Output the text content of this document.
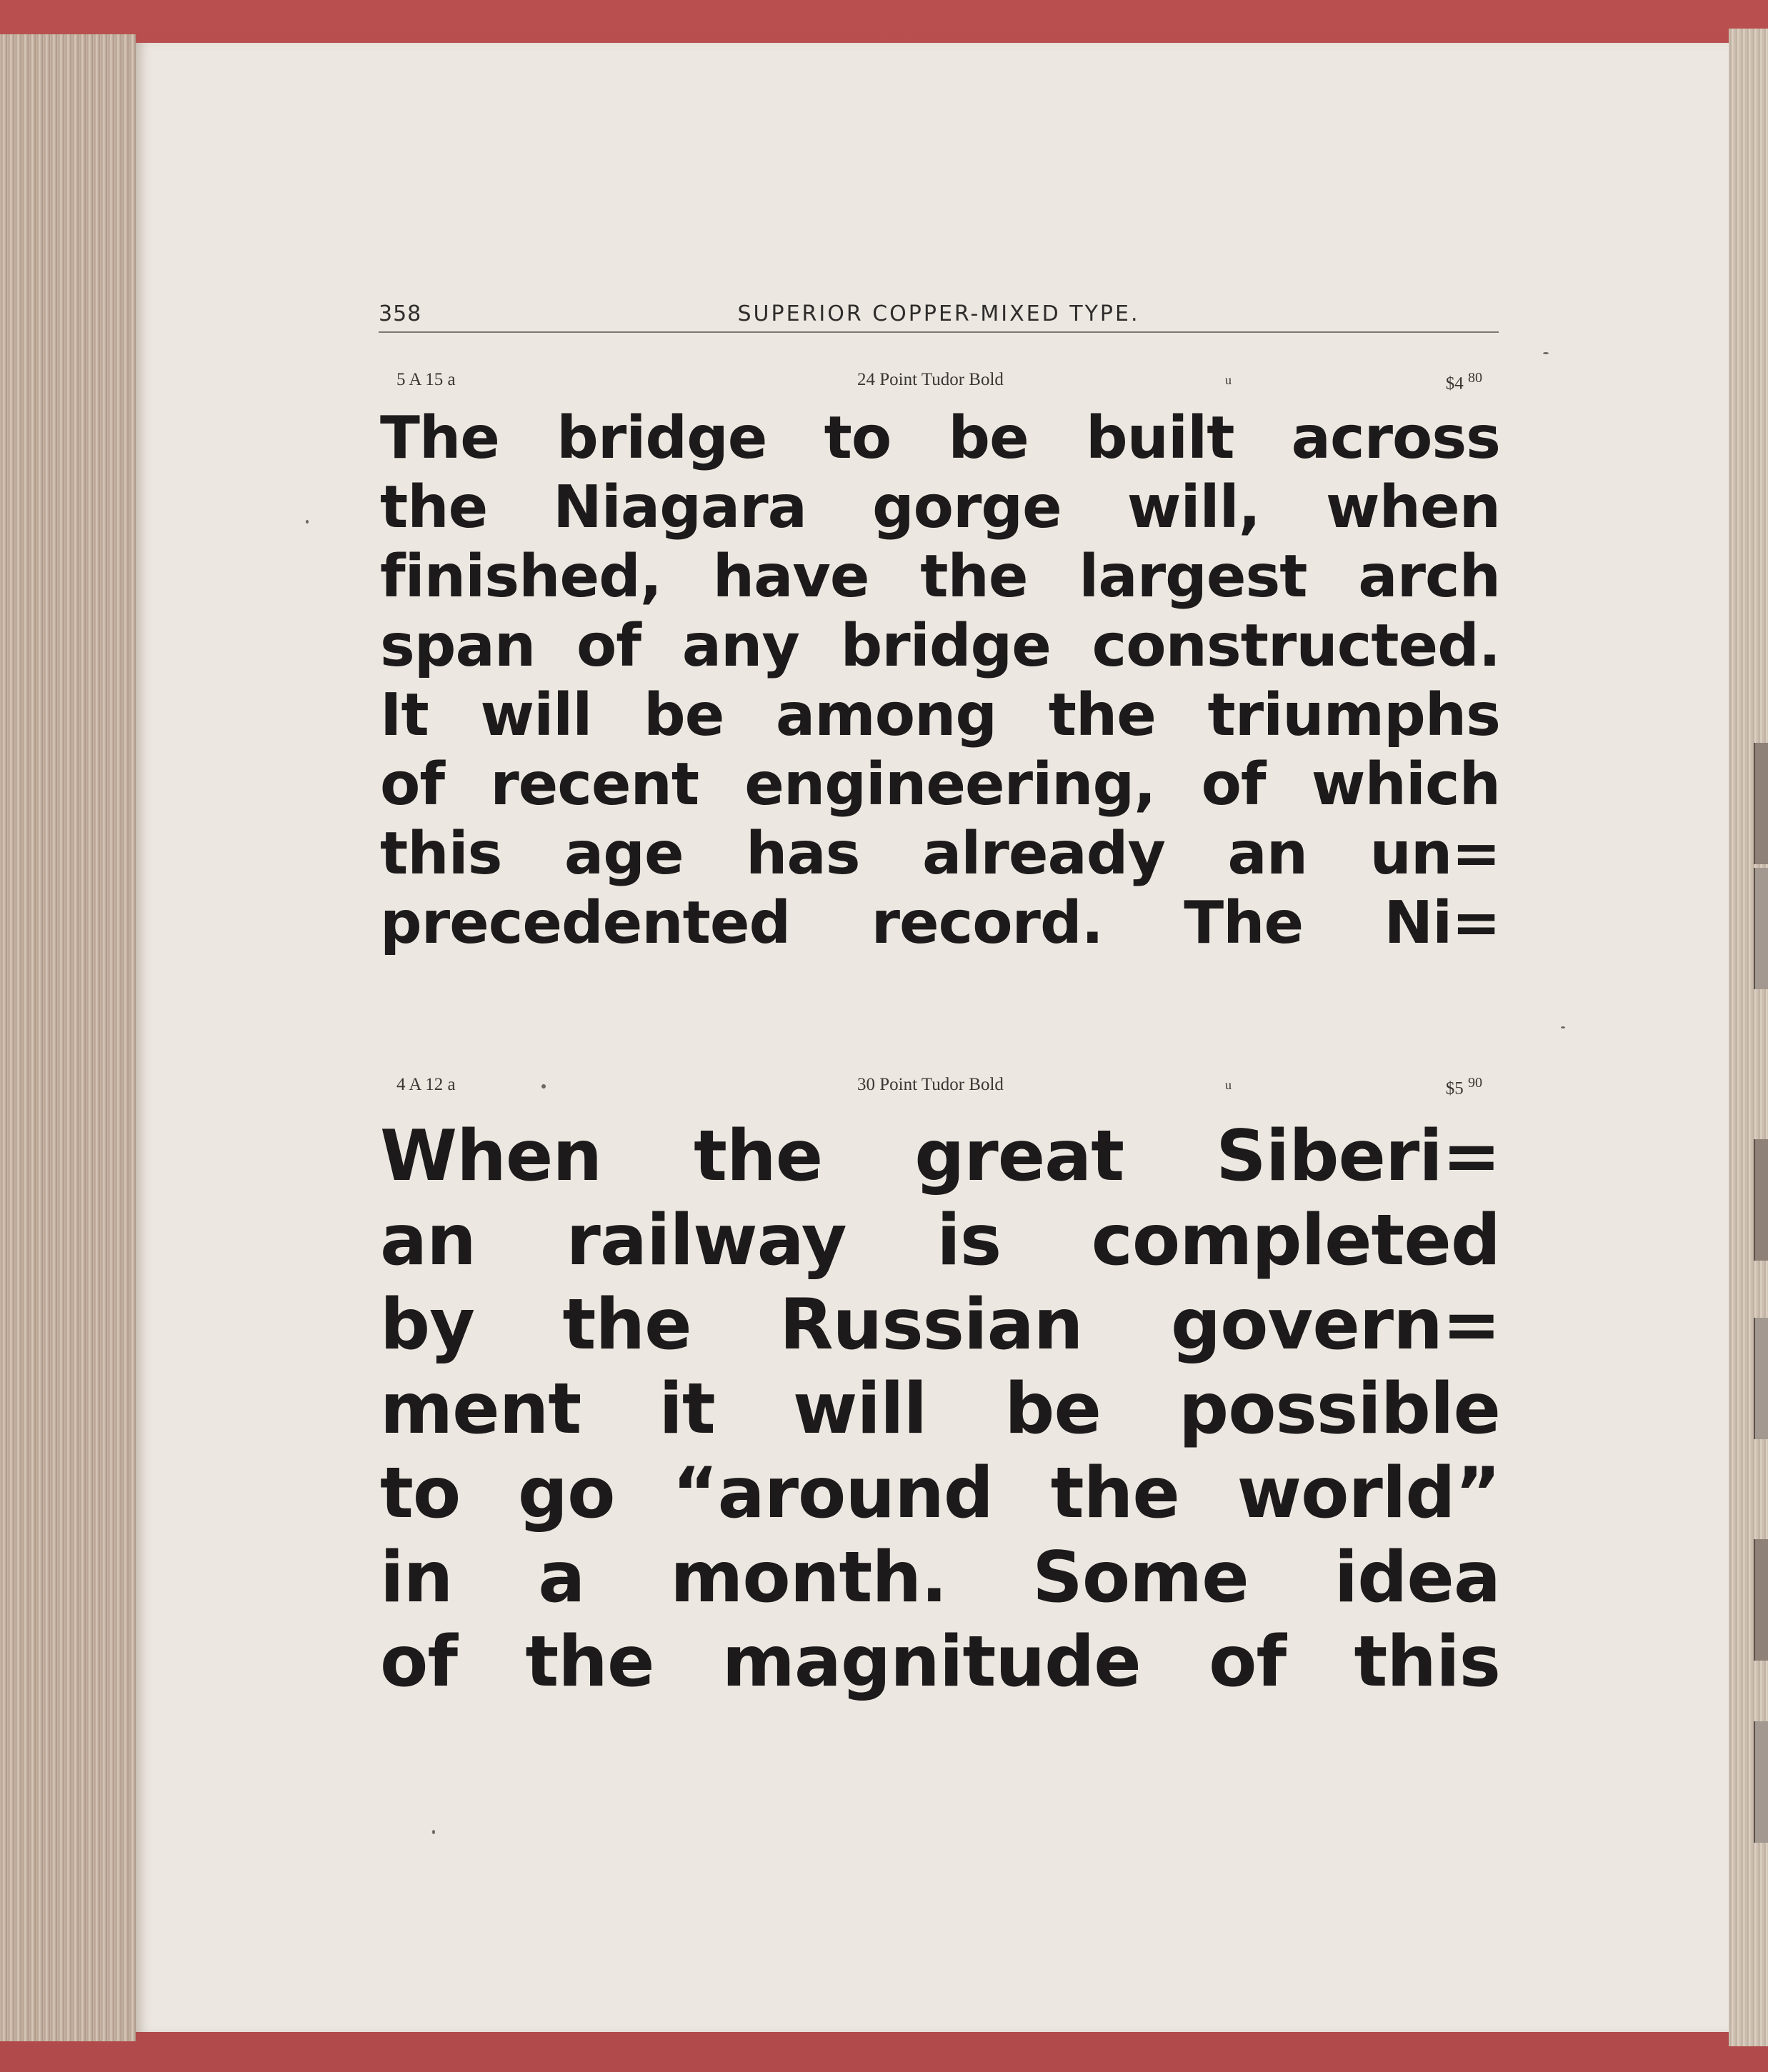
358	SUPERIOR COPPER-MIXED TYPE.
5 A 15 a	24 Point Tudor Bold	u	$4 $^{80}$
The bridge to be built across
the Niagara gorge will, when
finished, have the largest arch
span of any bridge constructed.
It will be among the triumphs
of recent engineering, of which
this age has already an un=
precedented record. The Ni=
4 A 12 a	30 Point Tudor Bold	u	$5 $^{90}$
When the great Siberi=
an railway is completed
by the Russian govern=
ment it will be possible
to go “around the world”
in a month. Some idea
of the magnitude of this
